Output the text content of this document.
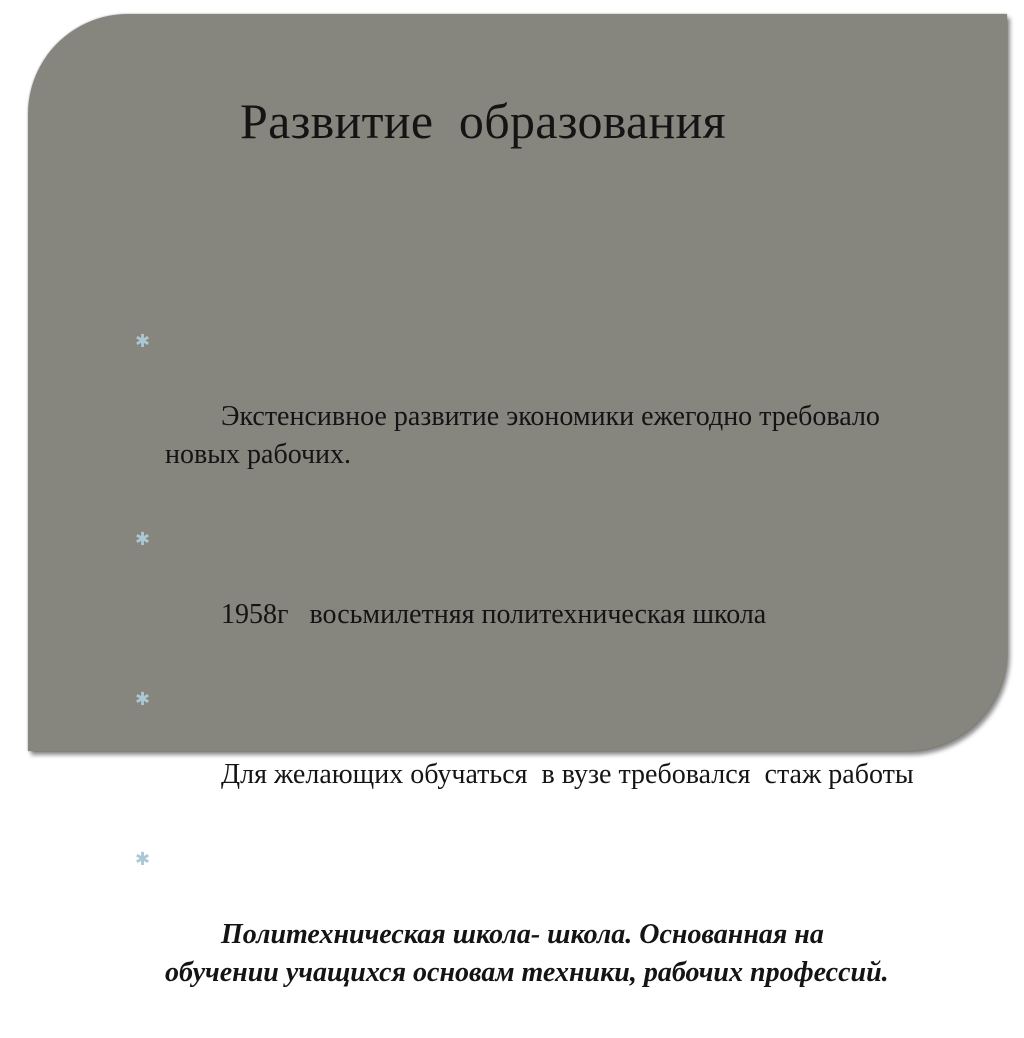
Развитие  образования

✱

Экстенсивное развитие экономики ежегодно требовало новых рабочих.

✱

1958г   восьмилетняя политехническая школа

✱

Для желающих обучаться  в вузе требовался  стаж работы

✱

Политехническая школа- школа. Основанная на обучении учащихся основам техники, рабочих профессий.
